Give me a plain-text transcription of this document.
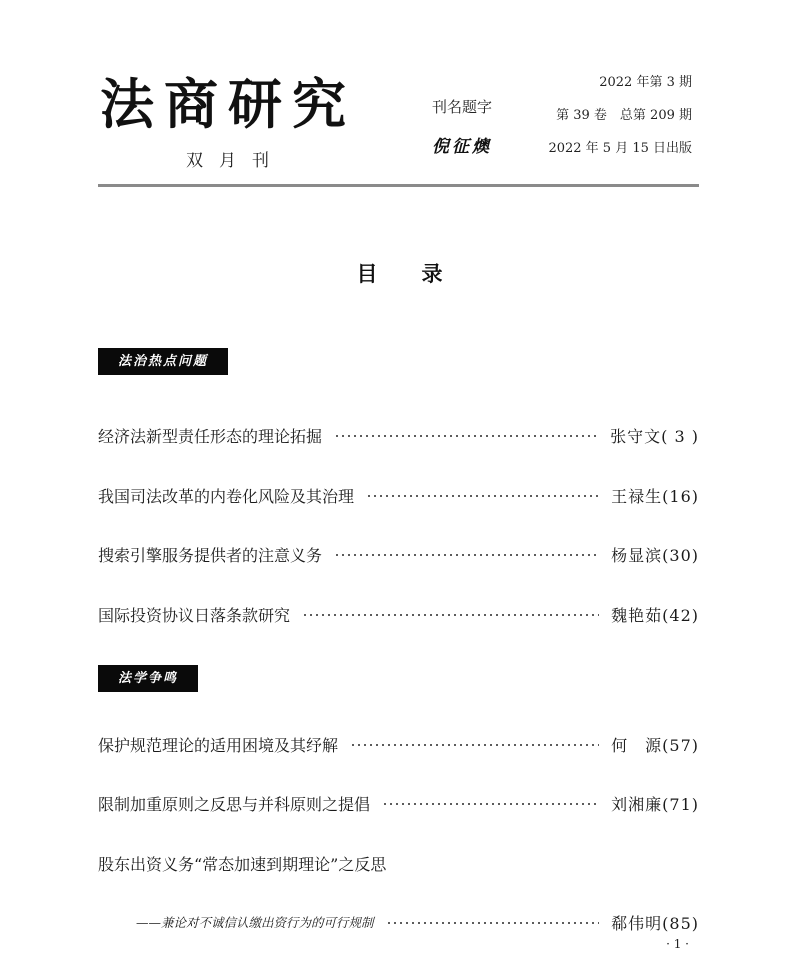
法商研究
双月刊
刊名题字
倪征燠
2022 年第 3 期
第 39 卷　总第 209 期
2022 年 5 月 15 日出版
目录
法治热点问题
经济法新型责任形态的理论拓掘	张守文( 3 )
我国司法改革的内卷化风险及其治理	王禄生(16)
搜索引擎服务提供者的注意义务	杨显滨(30)
国际投资协议日落条款研究	魏艳茹(42)
法学争鸣
保护规范理论的适用困境及其纾解	何　源(57)
限制加重原则之反思与并科原则之提倡	刘湘廉(71)
股东出资义务“常态加速到期理论”之反思
——兼论对不诚信认缴出资行为的可行规制	郗伟明(85)
· 1 ·
